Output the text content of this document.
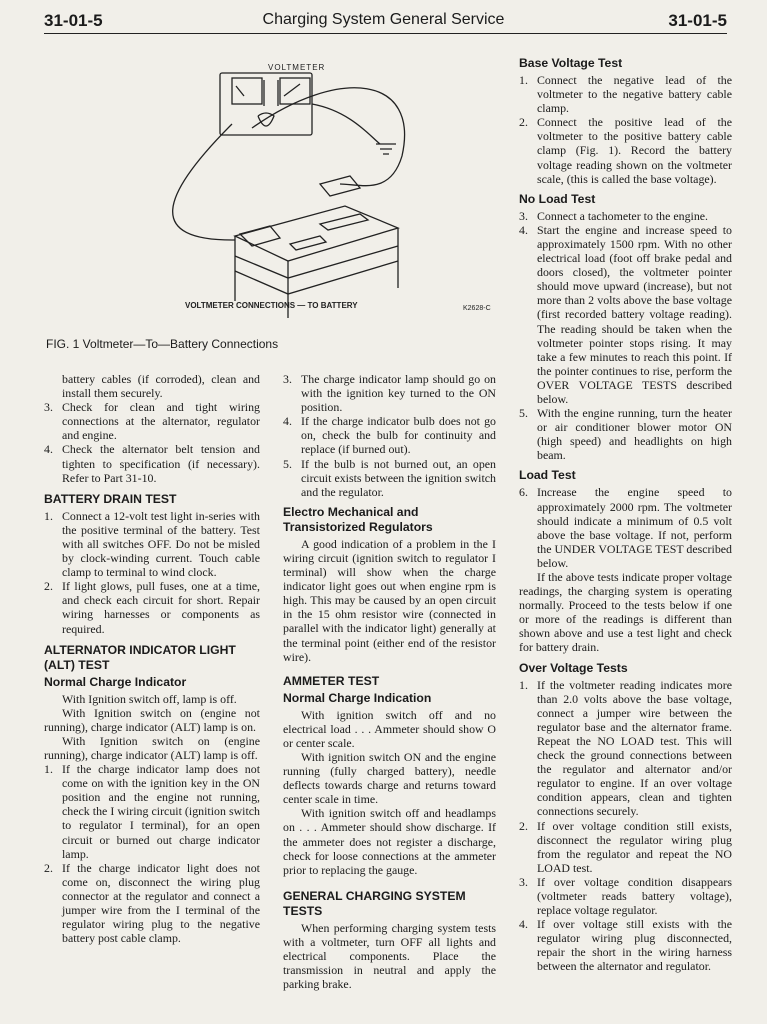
31-01-5	Charging System General Service	31-01-5
VOLTMETER
VOLTMETER CONNECTIONS — TO BATTERY	K2628-C
FIG. 1 Voltmeter—To—Battery Connections

battery cables (if corroded), clean and install them securely.

3. Check for clean and tight wiring connections at the alternator, regulator and engine.
4. Check the alternator belt tension and tighten to specification (if necessary). Refer to Part 31-10.
BATTERY DRAIN TEST
1. Connect a 12-volt test light in-series with the positive terminal of the battery. Test with all switches OFF. Do not be misled by clock-winding current. Touch cable clamp to terminal to wind clock.
2. If light glows, pull fuses, one at a time, and check each circuit for short. Repair wiring harnesses or components as required.
ALTERNATOR INDICATOR LIGHT (ALT) TEST
Normal Charge Indicator

With Ignition switch off, lamp is off.

With Ignition switch on (engine not running), charge indicator (ALT) lamp is on.

With Ignition switch on (engine running), charge indicator (ALT) lamp is off.

1. If the charge indicator lamp does not come on with the ignition key in the ON position and the engine not running, check the I wiring circuit (ignition switch to regulator I terminal), for an open circuit or burned out charge indicator lamp.
2. If the charge indicator light does not come on, disconnect the wiring plug connector at the regulator and connect a jumper wire from the I terminal of the regulator wiring plug to the negative battery post cable clamp.
3. The charge indicator lamp should go on with the ignition key turned to the ON position.
4. If the charge indicator bulb does not go on, check the bulb for continuity and replace (if burned out).
5. If the bulb is not burned out, an open circuit exists between the ignition switch and the regulator.
Electro Mechanical and Transistorized Regulators

A good indication of a problem in the I wiring circuit (ignition switch to regulator I terminal) will show when the charge indicator light goes out when engine rpm is high. This may be caused by an open circuit in the 15 ohm resistor wire (connected in parallel with the indicator light) generally at the terminal point (either end of the resistor wire).

AMMETER TEST
Normal Charge Indication

With ignition switch off and no electrical load . . . Ammeter should show O or center scale.

With ignition switch ON and the engine running (fully charged battery), needle deflects towards charge and returns toward center scale in time.

With ignition switch off and headlamps on . . . Ammeter should show discharge. If the ammeter does not register a discharge, check for loose connections at the ammeter prior to replacing the gauge.

GENERAL CHARGING SYSTEM TESTS

When performing charging system tests with a voltmeter, turn OFF all lights and electrical components. Place the transmission in neutral and apply the parking brake.

Base Voltage Test
1. Connect the negative lead of the voltmeter to the negative battery cable clamp.
2. Connect the positive lead of the voltmeter to the positive battery cable clamp (Fig. 1). Record the battery voltage reading shown on the voltmeter scale, (this is called the base voltage).
No Load Test
3. Connect a tachometer to the engine.
4. Start the engine and increase speed to approximately 1500 rpm. With no other electrical load (foot off brake pedal and doors closed), the voltmeter pointer should move upward (increase), but not more than 2 volts above the base voltage (first recorded battery voltage reading). The reading should be taken when the voltmeter pointer stops rising. It may take a few minutes to reach this point. If the pointer continues to rise, perform the OVER VOLTAGE TESTS described below.
5. With the engine running, turn the heater or air conditioner blower motor ON (high speed) and headlights on high beam.
Load Test
6. Increase the engine speed to approximately 2000 rpm. The voltmeter should indicate a minimum of 0.5 volt above the base voltage. If not, perform the UNDER VOLTAGE TEST described below.

If the above tests indicate proper voltage readings, the charging system is operating normally. Proceed to the tests below if one or more of the readings is different than shown above and use a test light and check for battery drain.

Over Voltage Tests
1. If the voltmeter reading indicates more than 2.0 volts above the base voltage, connect a jumper wire between the regulator base and the alternator frame. Repeat the NO LOAD test. This will check the ground connections between the regulator and alternator and/or regulator to engine. If an over voltage condition appears, clean and tighten connections securely.
2. If over voltage condition still exists, disconnect the regulator wiring plug from the regulator and repeat the NO LOAD test.
3. If over voltage condition disappears (voltmeter reads battery voltage), replace voltage regulator.
4. If over voltage still exists with the regulator wiring plug disconnected, repair the short in the wiring harness between the alternator and regulator.
